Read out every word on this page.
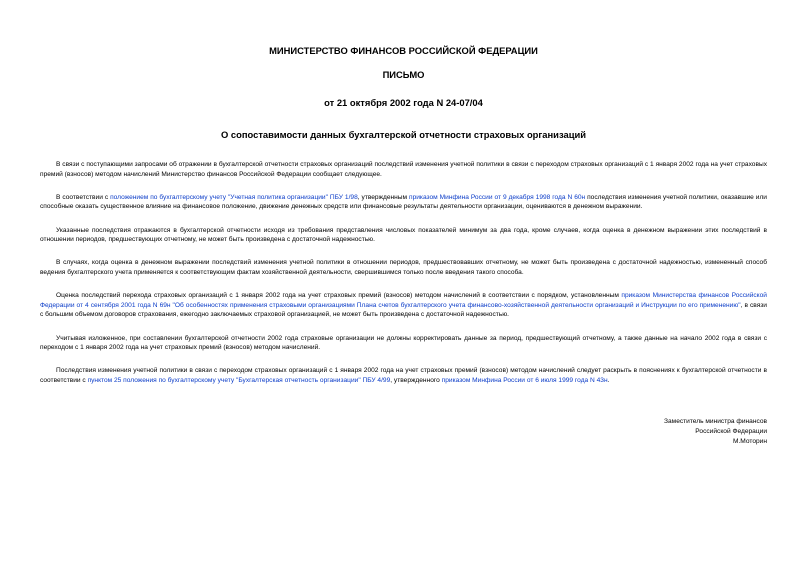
МИНИСТЕРСТВО ФИНАНСОВ РОССИЙСКОЙ ФЕДЕРАЦИИ
ПИСЬМО
от 21 октября 2002 года N 24-07/04
О сопоставимости данных бухгалтерской отчетности страховых организаций

В связи с поступающими запросами об отражении в бухгалтерской отчетности страховых организаций последствий изменения учетной политики в связи с переходом страховых организаций с 1 января 2002 года на учет страховых премий (взносов) методом начислений Министерство финансов Российской Федерации сообщает следующее.

В соответствии с положением по бухгалтерскому учету "Учетная политика организации" ПБУ 1/98, утвержденным приказом Минфина России от 9 декабря 1998 года N 60н последствия изменения учетной политики, оказавшие или способные оказать существенное влияние на финансовое положение, движение денежных средств или финансовые результаты деятельности организации, оцениваются в денежном выражении.

Указанные последствия отражаются в бухгалтерской отчетности исходя из требования представления числовых показателей минимум за два года, кроме случаев, когда оценка в денежном выражении этих последствий в отношении периодов, предшествующих отчетному, не может быть произведена с достаточной надежностью.

В случаях, когда оценка в денежном выражении последствий изменения учетной политики в отношении периодов, предшествовавших отчетному, не может быть произведена с достаточной надежностью, измененный способ ведения бухгалтерского учета применяется к соответствующим фактам хозяйственной деятельности, свершившимся только после введения такого способа.

Оценка последствий перехода страховых организаций с 1 января 2002 года на учет страховых премий (взносов) методом начислений в соответствии с порядком, установленным приказом Министерства финансов Российской Федерации от 4 сентября 2001 года N 69н "Об особенностях применения страховыми организациями Плана счетов бухгалтерского учета финансово-хозяйственной деятельности организаций и Инструкции по его применению", в связи с большим объемом договоров страхования, ежегодно заключаемых страховой организацией, не может быть произведена с достаточной надежностью.

Учитывая изложенное, при составлении бухгалтерской отчетности 2002 года страховые организации не должны корректировать данные за период, предшествующий отчетному, а также данные на начало 2002 года в связи с переходом с 1 января 2002 года на учет страховых премий (взносов) методом начислений.

Последствия изменения учетной политики в связи с переходом страховых организаций с 1 января 2002 года на учет страховых премий (взносов) методом начислений следует раскрыть в пояснениях к бухгалтерской отчетности в соответствии с пунктом 25 положения по бухгалтерскому учету "Бухгалтерская отчетность организации" ПБУ 4/99, утвержденного приказом Минфина России от 6 июля 1999 года N 43н.

Заместитель министра финансов
Российской Федерации
М.Моторин
